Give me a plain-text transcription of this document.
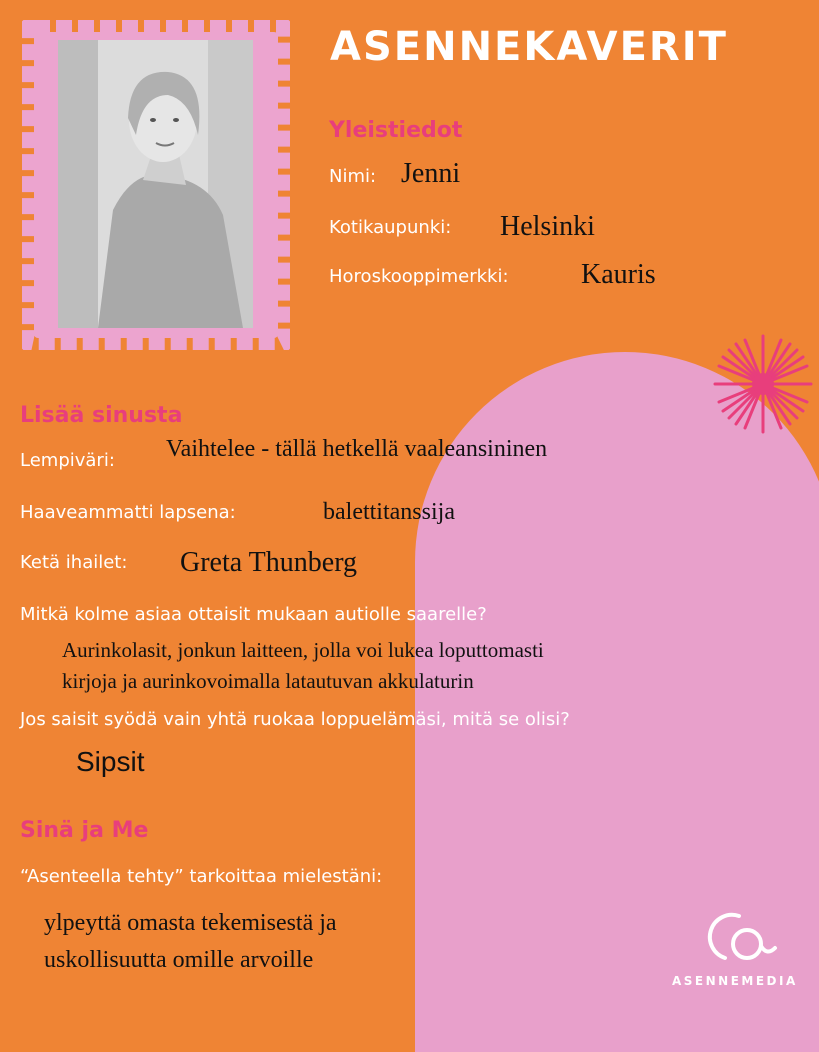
ASENNEKAVERIT
Yleistiedot
Nimi: Jenni
Kotikaupunki: Helsinki
Horoskooppimerkki:	Kauris
Lisää sinusta
Lempiväri: Vaihtelee - tällä hetkellä vaaleansininen
Haaveammatti lapsena:	balettitanssija
Ketä ihailet: Greta Thunberg
Mitkä kolme asiaa ottaisit mukaan autiolle saarelle?
Aurinkolasit, jonkun laitteen, jolla voi lukea loputtomasti
kirjoja ja aurinkovoimalla latautuvan akkulaturin
Jos saisit syödä vain yhtä ruokaa loppuelämäsi, mitä se olisi?
Sipsit
Sinä ja Me
“Asenteella tehty” tarkoittaa mielestäni:
ylpeyttä omasta tekemisestä ja
uskollisuutta omille arvoille
ASENNEMEDIA
